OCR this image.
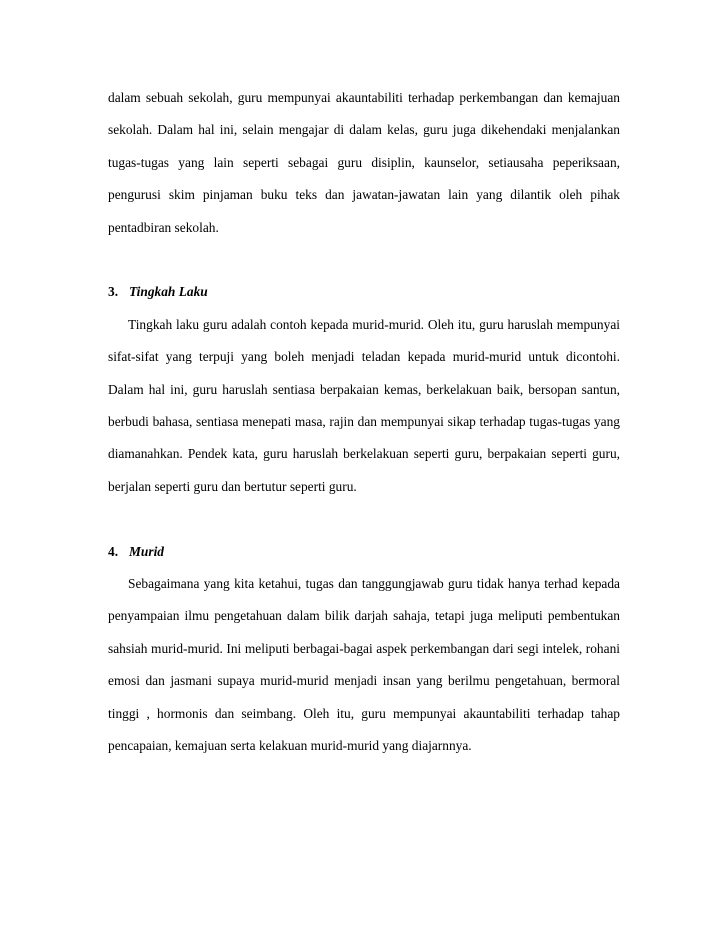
dalam sebuah sekolah, guru mempunyai akauntabiliti terhadap perkembangan dan kemajuan sekolah. Dalam hal ini, selain mengajar di dalam kelas, guru juga dikehendaki menjalankan tugas-tugas yang lain seperti sebagai guru disiplin, kaunselor, setiausaha peperiksaan, pengurusi skim pinjaman buku teks dan jawatan-jawatan lain yang dilantik oleh pihak pentadbiran sekolah.

3. Tingkah Laku

Tingkah laku guru adalah contoh kepada murid-murid. Oleh itu, guru haruslah mempunyai sifat-sifat yang terpuji yang boleh menjadi teladan kepada murid-murid untuk dicontohi. Dalam hal ini, guru haruslah sentiasa berpakaian kemas, berkelakuan baik, bersopan santun, berbudi bahasa, sentiasa menepati masa, rajin dan mempunyai sikap terhadap tugas-tugas yang diamanahkan. Pendek kata, guru haruslah berkelakuan seperti guru, berpakaian seperti guru, berjalan seperti guru dan bertutur seperti guru.

4. Murid

Sebagaimana yang kita ketahui, tugas dan tanggungjawab guru tidak hanya terhad kepada penyampaian ilmu pengetahuan dalam bilik darjah sahaja, tetapi juga meliputi pembentukan sahsiah murid-murid. Ini meliputi berbagai-bagai aspek perkembangan dari segi intelek, rohani emosi dan jasmani supaya murid-murid menjadi insan yang berilmu pengetahuan, bermoral tinggi , hormonis dan seimbang. Oleh itu, guru mempunyai akauntabiliti terhadap tahap pencapaian, kemajuan serta kelakuan murid-murid yang diajarnnya.
